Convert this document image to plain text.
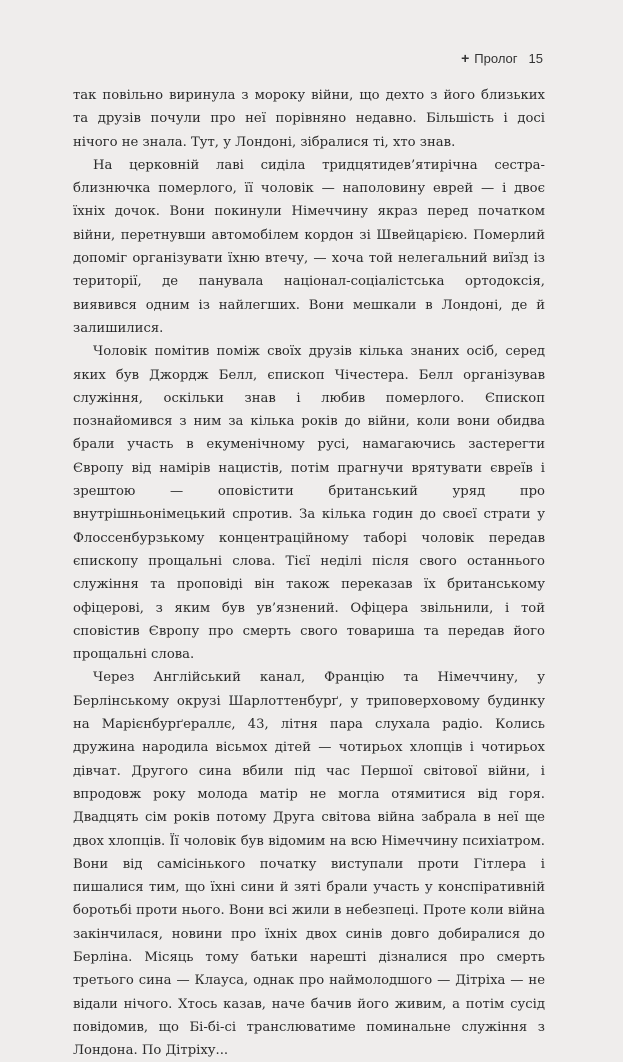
+ Пролог 15

так повільно виринула з мороку війни, що дехто з його близьких та друзів почули про неї порівняно недавно. Більшість і досі нічого не знала. Тут, у Лондоні, зібралися ті, хто знав.

На церковній лаві сиділа тридцятидев’ятирічна сестра-близнючка померлого, її чоловік — наполовину еврей — і двоє їхніх дочок. Вони покинули Німеччину якраз перед початком війни, перетнувши автомобілем кордон зі Швейцарією. Померлий допоміг організувати їхню втечу, — хоча той нелегальний виїзд із території, де панувала націонал-соціалістська ортодоксія, виявився одним із найлегших. Вони мешкали в Лондоні, де й залишилися.

Чоловік помітив поміж своїх друзів кілька знаних осіб, серед яких був Джордж Белл, єпископ Чічестера. Белл організував служіння, оскільки знав і любив померлого. Єпископ познайомився з ним за кілька років до війни, коли вони обидва брали участь в екуменічному русі, намагаючись застерегти Європу від намірів нацистів, потім прагнучи врятувати євреїв і зрештою — оповістити британський уряд про внутрішньонімецький спротив. За кілька годин до своєї страти у Флоссенбурзькому концентраційному таборі чоловік передав єпископу прощальні слова. Тієї неділі після свого останнього служіння та проповіді він також переказав їх британському офіцерові, з яким був ув’язнений. Офіцера звільнили, і той сповістив Європу про смерть свого товариша та передав його прощальні слова.

Через Англійський канал, Францію та Німеччину, у Берлінському окрузі Шарлоттенбурґ, у триповерховому будинку на Марієнбурґераллє, 43, літня пара слухала радіо. Колись дружина народила вісьмох дітей — чотирьох хлопців і чотирьох дівчат. Другого сина вбили під час Першої світової війни, і впродовж року молода матір не могла отямитися від горя. Двадцять сім років потому Друга світова війна забрала в неї ще двох хлопців. Її чоловік був відомим на всю Німеччину психіатром. Вони від самісінького початку виступали проти Гітлера і пишалися тим, що їхні сини й зяті брали участь у конспіративній боротьбі проти нього. Вони всі жили в небезпеці. Проте коли війна закінчилася, новини про їхніх двох синів довго добиралися до Берліна. Місяць тому батьки нарешті дізналися про смерть третього сина — Клауса, однак про наймолодшого — Дітріха — не відали нічого. Хтось казав, наче бачив його живим, а потім сусід повідомив, що Бі-бі-сі транслюватиме поминальне служіння з Лондона. По Дітріху...
